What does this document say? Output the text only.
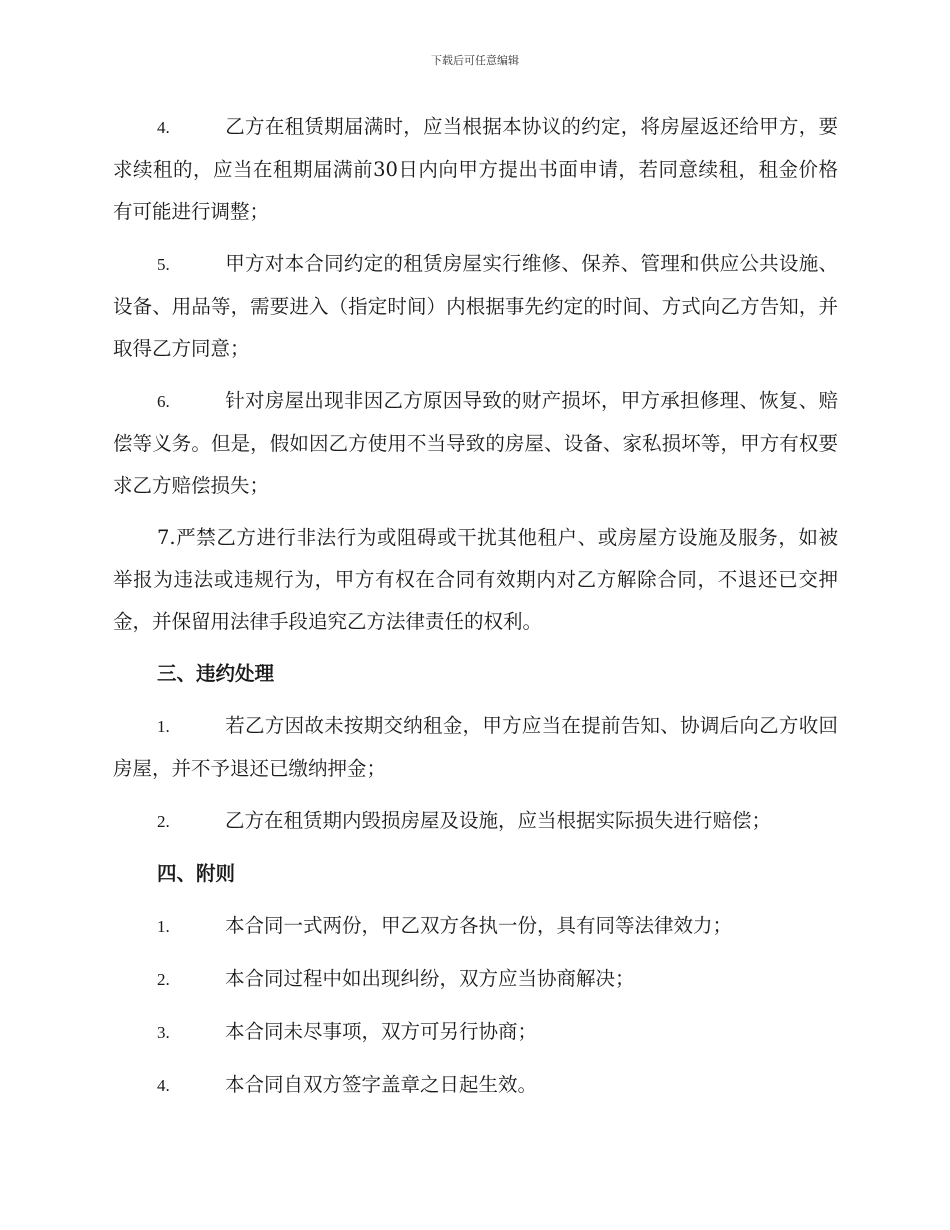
下载后可任意编辑

4.	乙方在租赁期届满时，应当根据本协议的约定，将房屋返还给甲方，要求续租的，应当在租期届满前30日内向甲方提出书面申请，若同意续租，租金价格有可能进行调整；

5.	甲方对本合同约定的租赁房屋实行维修、保养、管理和供应公共设施、设备、用品等，需要进入（指定时间）内根据事先约定的时间、方式向乙方告知，并取得乙方同意；

6.	针对房屋出现非因乙方原因导致的财产损坏，甲方承担修理、恢复、赔偿等义务。但是，假如因乙方使用不当导致的房屋、设备、家私损坏等，甲方有权要求乙方赔偿损失；

7.严禁乙方进行非法行为或阻碍或干扰其他租户、或房屋方设施及服务，如被举报为违法或违规行为，甲方有权在合同有效期内对乙方解除合同，不退还已交押金，并保留用法律手段追究乙方法律责任的权利。

三、违约处理

1.	若乙方因故未按期交纳租金，甲方应当在提前告知、协调后向乙方收回房屋，并不予退还已缴纳押金；

2.	乙方在租赁期内毁损房屋及设施，应当根据实际损失进行赔偿；

四、附则

1.	本合同一式两份，甲乙双方各执一份，具有同等法律效力；

2.	本合同过程中如出现纠纷，双方应当协商解决；

3.	本合同未尽事项，双方可另行协商；

4.	本合同自双方签字盖章之日起生效。
